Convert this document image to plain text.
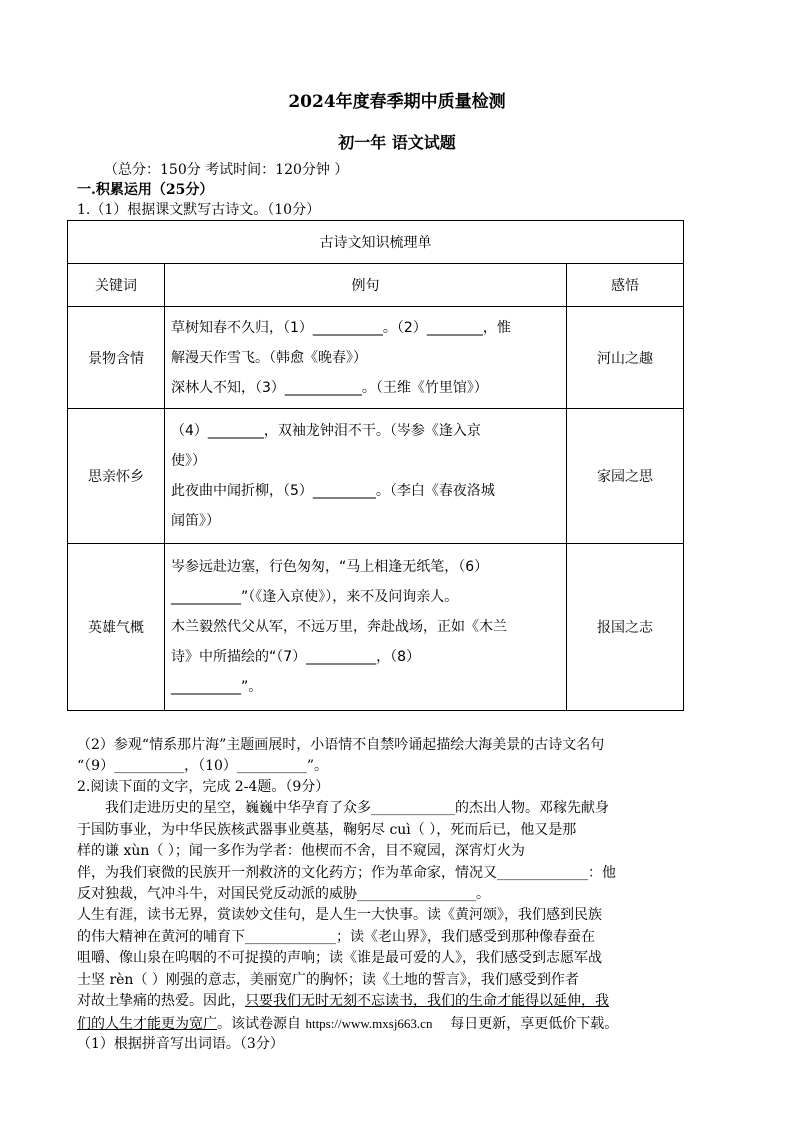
2024年度春季期中质量检测
初一年 语文试题
（总分：150分 考试时间：120分钟 ）
一.积累运用（25分）
1.（1）根据课文默写古诗文。（10分）
古诗文知识梳理单		
关键词	例句	感悟
景物含情	草树知春不久归，（1）__________。（2）________，惟
解漫天作雪飞。（韩愈《晚春》）
深林人不知，（3）___________。（王维《竹里馆》）	河山之趣
思亲怀乡	（4）________，双袖龙钟泪不干。（岑参《逢入京
使》）
此夜曲中闻折柳，（5）_________。（李白《春夜洛城
闻笛》）	家园之思
英雄气概	岑参远赴边塞，行色匆匆，“马上相逢无纸笔，（6）
__________”（《逢入京使》），来不及问询亲人。
木兰毅然代父从军，不远万里，奔赴战场，正如《木兰
诗》中所描绘的“（7）__________，（8）
__________”。	报国之志
（2）参观“情系那片海”主题画展时，小语情不自禁吟诵起描绘大海美景的古诗文名句
“（9）__________，（10）__________”。
2.阅读下面的文字，完成 2-4题。（9分）
我们走进历史的星空，巍巍中华孕育了众多____________的杰出人物。邓稼先献身
于国防事业，为中华民族核武器事业奠基，鞠躬尽 cuì（ ），死而后已，他又是那
样的谦 xùn（ ）；闻一多作为学者：他楔而不舍，目不窥园，深宵灯火为
伴，为我们衰微的民族开一剂救济的文化药方；作为革命家，情况又_____________：他
反对独裁，气冲斗牛，对国民党反动派的威胁_________________。
人生有涯，读书无界，赏读妙文佳句，是人生一大快事。读《黄河颂》，我们感到民族
的伟大精神在黄河的哺育下_____________；读《老山界》，我们感受到那种像春蚕在
咀嚼、像山泉在呜咽的不可捉摸的声响；读《谁是最可爱的人》，我们感受到志愿军战
士坚 rèn（ ）刚强的意志，美丽宽广的胸怀；读《土地的誓言》，我们感受到作者
对故土挚痛的热爱。因此，只要我们无时无刻不忘读书，我们的生命才能得以延伸，我
们的人生才能更为宽广。该试卷源自 https://www.mxsj663.cn 每日更新，享更低价下载。
（1）根据拼音写出词语。（3分）
